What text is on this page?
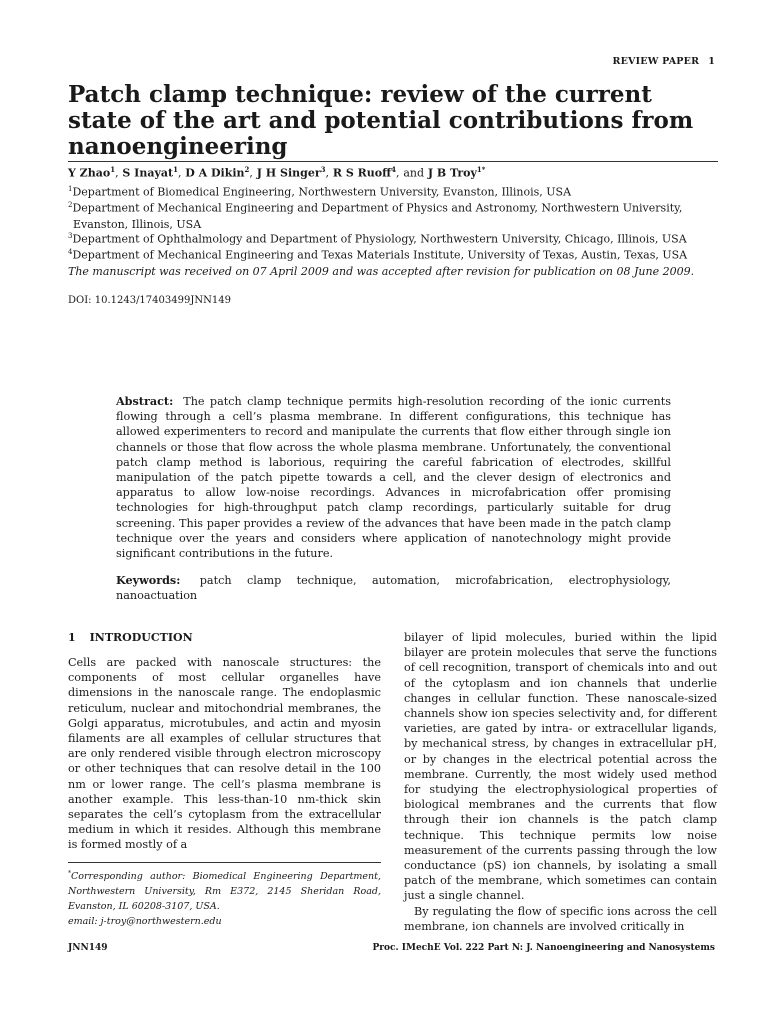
REVIEW PAPER 1
Patch clamp technique: review of the current state of the art and potential contributions from nanoengineering
Y Zhao$^1$, S Inayat$^1$, D A Dikin$^2$, J H Singer$^3$, R S Ruoff$^4$, and J B Troy$^{1*}$
$^1$Department of Biomedical Engineering, Northwestern University, Evanston, Illinois, USA
$^2$Department of Mechanical Engineering and Department of Physics and Astronomy, Northwestern University,
Evanston, Illinois, USA
$^3$Department of Ophthalmology and Department of Physiology, Northwestern University, Chicago, Illinois, USA
$^4$Department of Mechanical Engineering and Texas Materials Institute, University of Texas, Austin, Texas, USA
The manuscript was received on 07 April 2009 and was accepted after revision for publication on 08 June 2009.
DOI: 10.1243/17403499JNN149
Abstract: The patch clamp technique permits high-resolution recording of the ionic currents flowing through a cell’s plasma membrane. In different configurations, this technique has allowed experimenters to record and manipulate the currents that flow either through single ion channels or those that flow across the whole plasma membrane. Unfortunately, the conventional patch clamp method is laborious, requiring the careful fabrication of electrodes, skillful manipulation of the patch pipette towards a cell, and the clever design of electronics and apparatus to allow low-noise recordings. Advances in microfabrication offer promising technologies for high-throughput patch clamp recordings, particularly suitable for drug screening. This paper provides a review of the advances that have been made in the patch clamp technique over the years and considers where application of nanotechnology might provide significant contributions in the future.
Keywords: patch clamp technique, automation, microfabrication, electrophysiology, nanoactuation
1 INTRODUCTION

Cells are packed with nanoscale structures: the components of most cellular organelles have dimensions in the nanoscale range. The endoplasmic reticulum, nuclear and mitochondrial membranes, the Golgi apparatus, microtubules, and actin and myosin filaments are all examples of cellular structures that are only rendered visible through electron microscopy or other techniques that can resolve detail in the 100 nm or lower range. The cell’s plasma membrane is another example. This less-than-10 nm-thick skin separates the cell’s cytoplasm from the extracellular medium in which it resides. Although this membrane is formed mostly of a

bilayer of lipid molecules, buried within the lipid bilayer are protein molecules that serve the functions of cell recognition, transport of chemicals into and out of the cytoplasm and ion channels that underlie changes in cellular function. These nanoscale-sized channels show ion species selectivity and, for different varieties, are gated by intra- or extracellular ligands, by mechanical stress, by changes in extracellular pH, or by changes in the electrical potential across the membrane. Currently, the most widely used method for studying the electrophysiological properties of biological membranes and the currents that flow through their ion channels is the patch clamp technique. This technique permits low noise measurement of the currents passing through the low conductance (pS) ion channels, by isolating a small patch of the membrane, which sometimes can contain just a single channel.

By regulating the flow of specific ions across the cell membrane, ion channels are involved critically in

*Corresponding author: Biomedical Engineering Department, Northwestern University, Rm E372, 2145 Sheridan Road, Evanston, IL 60208-3107, USA.
email: j-troy@northwestern.edu
JNN149	Proc. IMechE Vol. 222 Part N: J. Nanoengineering and Nanosystems
